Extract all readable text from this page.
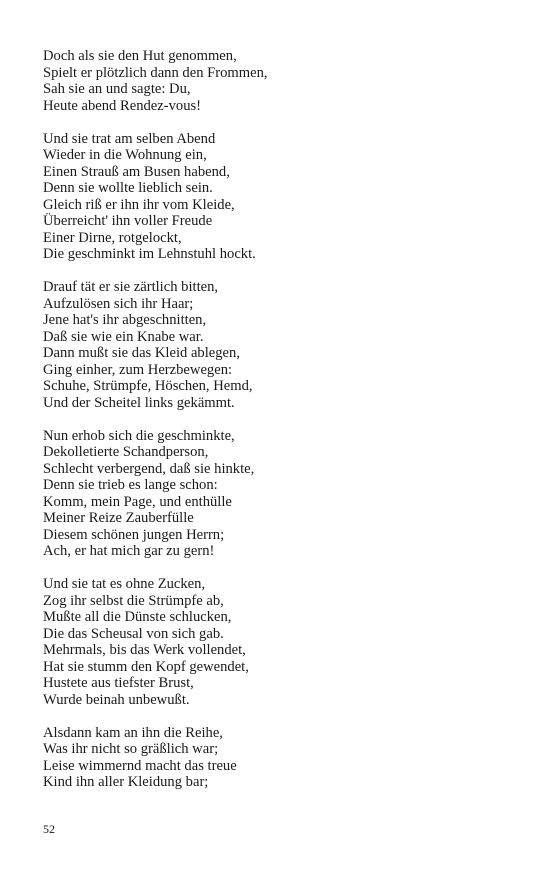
Doch als sie den Hut genommen,
Spielt er plötzlich dann den Frommen,
Sah sie an und sagte: Du,
Heute abend Rendez-vous!
Und sie trat am selben Abend
Wieder in die Wohnung ein,
Einen Strauß am Busen habend,
Denn sie wollte lieblich sein.
Gleich riß er ihn ihr vom Kleide,
Überreicht' ihn voller Freude
Einer Dirne, rotgelockt,
Die geschminkt im Lehnstuhl hockt.
Drauf tät er sie zärtlich bitten,
Aufzulösen sich ihr Haar;
Jene hat's ihr abgeschnitten,
Daß sie wie ein Knabe war.
Dann mußt sie das Kleid ablegen,
Ging einher, zum Herzbewegen:
Schuhe, Strümpfe, Höschen, Hemd,
Und der Scheitel links gekämmt.
Nun erhob sich die geschminkte,
Dekolletierte Schandperson,
Schlecht verbergend, daß sie hinkte,
Denn sie trieb es lange schon:
Komm, mein Page, und enthülle
Meiner Reize Zauberfülle
Diesem schönen jungen Herrn;
Ach, er hat mich gar zu gern!
Und sie tat es ohne Zucken,
Zog ihr selbst die Strümpfe ab,
Mußte all die Dünste schlucken,
Die das Scheusal von sich gab.
Mehrmals, bis das Werk vollendet,
Hat sie stumm den Kopf gewendet,
Hustete aus tiefster Brust,
Wurde beinah unbewußt.
Alsdann kam an ihn die Reihe,
Was ihr nicht so gräßlich war;
Leise wimmernd macht das treue
Kind ihn aller Kleidung bar;
52
